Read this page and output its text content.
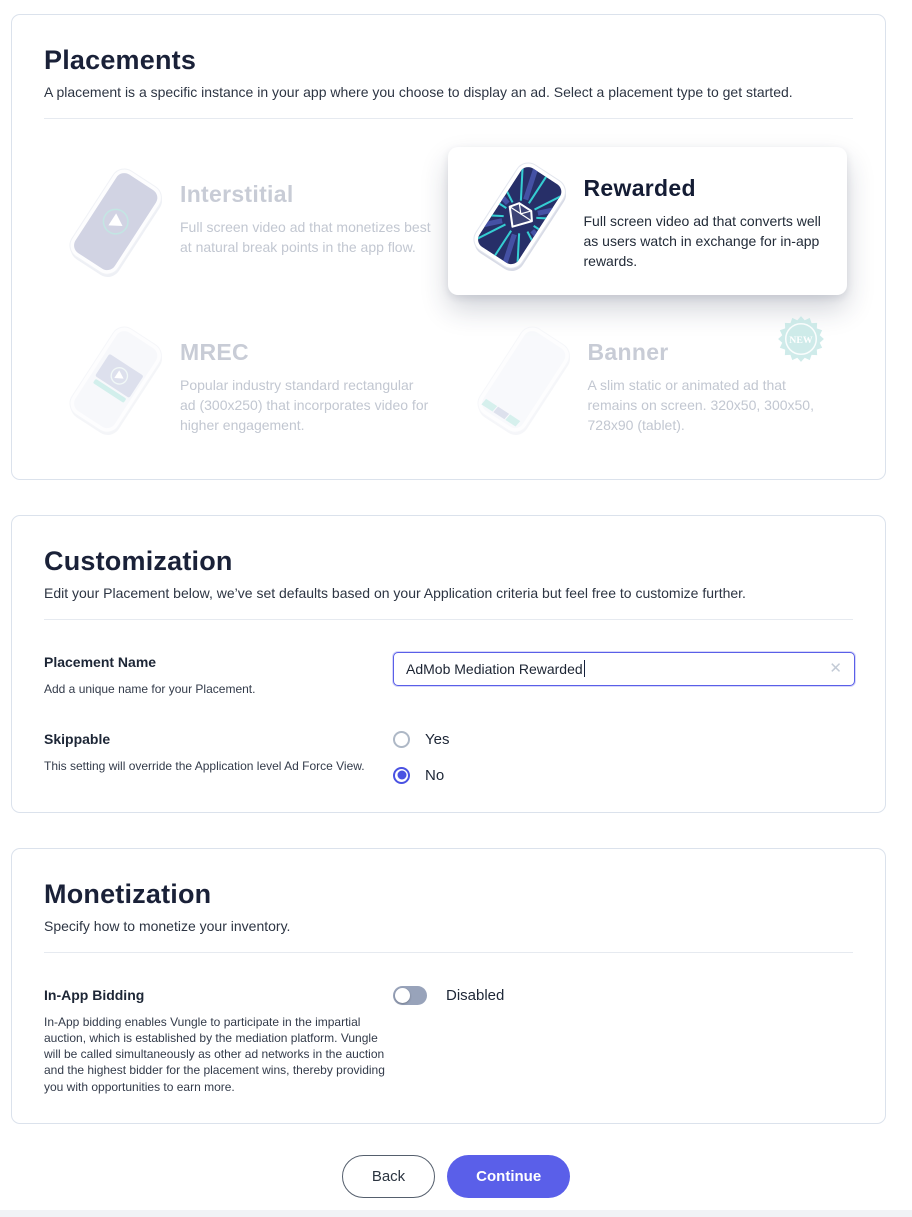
Placements

A placement is a specific instance in your app where you choose to display an ad. Select a placement type to get started.

Interstitial
Full screen video ad that monetizes best at natural break points in the app flow.
Rewarded
Full screen video ad that converts well as users watch in exchange for in-app rewards.
MREC
Popular industry standard rectangular ad (300x250) that incorporates video for higher engagement.
Banner
A slim static or animated ad that remains on screen. 320x50, 300x50, 728x90 (tablet).
NEW
Customization

Edit your Placement below, we’ve set defaults based on your Application criteria but feel free to customize further.

Placement Name
Add a unique name for your Placement.
AdMob Mediation Rewarded	✕
Skippable
This setting will override the Application level Ad Force View.
Yes
No
Monetization

Specify how to monetize your inventory.

In-App Bidding
In-App bidding enables Vungle to participate in the impartial auction, which is established by the mediation platform. Vungle will be called simultaneously as other ad networks in the auction and the highest bidder for the placement wins, thereby providing you with opportunities to earn more.
Disabled
Back	Continue
